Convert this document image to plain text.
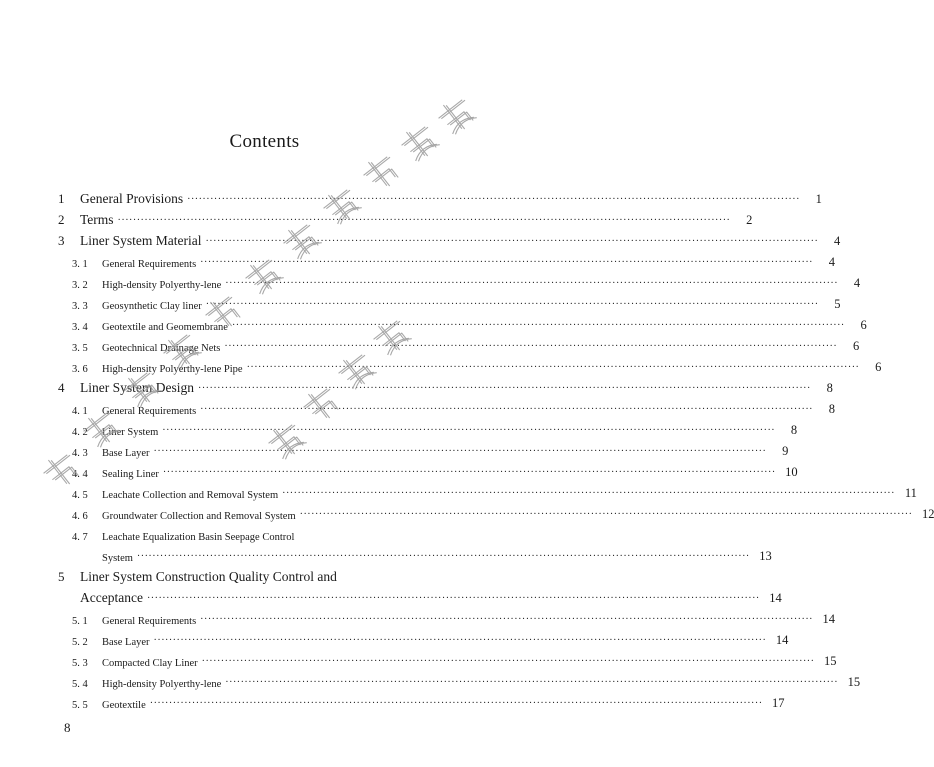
Contents
1	General Provisions ································································································································································	1
2	Terms ································································································································································	2
3	Liner System Material ································································································································································	4
3. 1	General Requirements ································································································································································	4
3. 2	High-density Polyerthy-lene ································································································································································	4
3. 3	Geosynthetic Clay liner ································································································································································	5
3. 4	Geotextile and Geomembrane ································································································································································	6
3. 5	Geotechnical Drainage Nets ································································································································································	6
3. 6	High-density Polyerthy-lene Pipe ································································································································································	6
4	Liner System Design ································································································································································	8
4. 1	General Requirements ································································································································································	8
4. 2	Liner System ································································································································································	8
4. 3	Base Layer ································································································································································	9
4. 4	Sealing Liner ································································································································································ 10
4. 5	Leachate Collection and Removal System ································································································································································ 11
4. 6	Groundwater Collection and Removal System ································································································································································ 12
4. 7	Leachate Equalization Basin Seepage Control
System ································································································································································ 13
5	Liner System Construction Quality Control and
Acceptance ································································································································································ 14
5. 1	General Requirements ································································································································································ 14
5. 2	Base Layer ································································································································································ 14
5. 3	Compacted Clay Liner ································································································································································ 15
5. 4	High-density Polyerthy-lene ································································································································································ 15
5. 5	Geotextile ································································································································································ 17
8
